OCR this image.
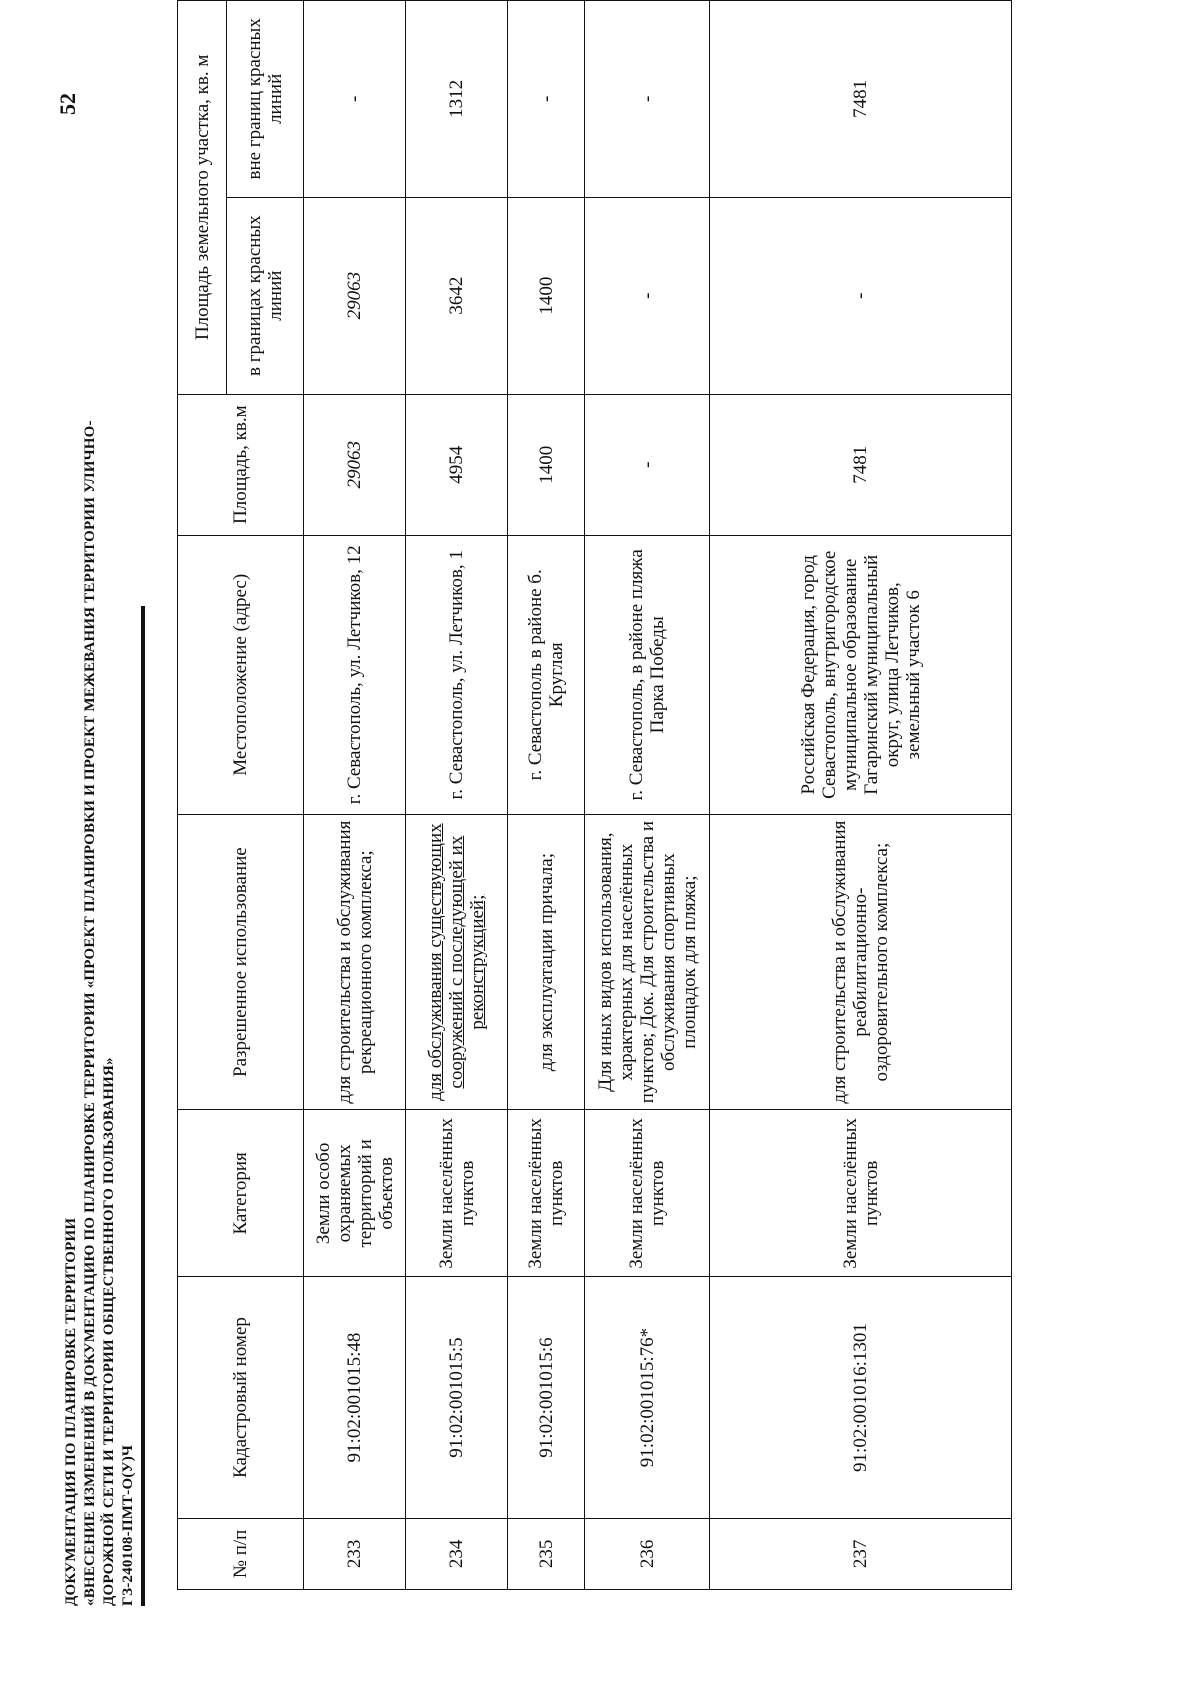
ДОКУМЕНТАЦИЯ ПО ПЛАНИРОВКЕ ТЕРРИТОРИИ «ВНЕСЕНИЕ ИЗМЕНЕНИЙ В ДОКУМЕНТАЦИЮ ПО ПЛАНИРОВКЕ ТЕРРИТОРИИ «ПРОЕКТ ПЛАНИРОВКИ И ПРОЕКТ МЕЖЕВАНИЯ ТЕРРИТОРИИ УЛИЧНО- ДОРОЖНОЙ СЕТИ И ТЕРРИТОРИИ ОБЩЕСТВЕННОГО ПОЛЬЗОВАНИЯ» ГЗ-240108-ПМТ-О(У)Ч
52
№ п/п	Кадастровый номер	Категория	Разрешенное использование	Местоположение (адрес)	Площадь, кв.м	Площадь земельного участка, кв. м	
						в границах красных линий	вне границ красных линий
233	91:02:001015:48	Земли особо охраняемых территорий и объектов	для строительства и обслуживания рекреационного комплекса;	г. Севастополь, ул. Летчиков, 12	29063	29063	-
234	91:02:001015:5	Земли населённых пунктов	для обслуживания существующих сооружений с последующей их реконструкцией;	г. Севастополь, ул. Летчиков, 1	4954	3642	1312
235	91:02:001015:6	Земли населённых пунктов	для эксплуатации причала;	г. Севастополь в районе б. Круглая	1400	1400	-
236	91:02:001015:76*	Земли населённых пунктов	Для иных видов использования, характерных для населённых пунктов; Док. Для строительства и обслуживания спортивных площадок для пляжа;	г. Севастополь, в районе пляжа Парка Победы	-	-	-
237	91:02:001016:1301	Земли населённых пунктов	для строительства и обслуживания реабилитационно-оздоровительного комплекса;	Российская Федерация, город Севастополь, внутригородское муниципальное образование Гагаринский муниципальный округ, улица Летчиков, земельный участок 6	7481	-	7481
